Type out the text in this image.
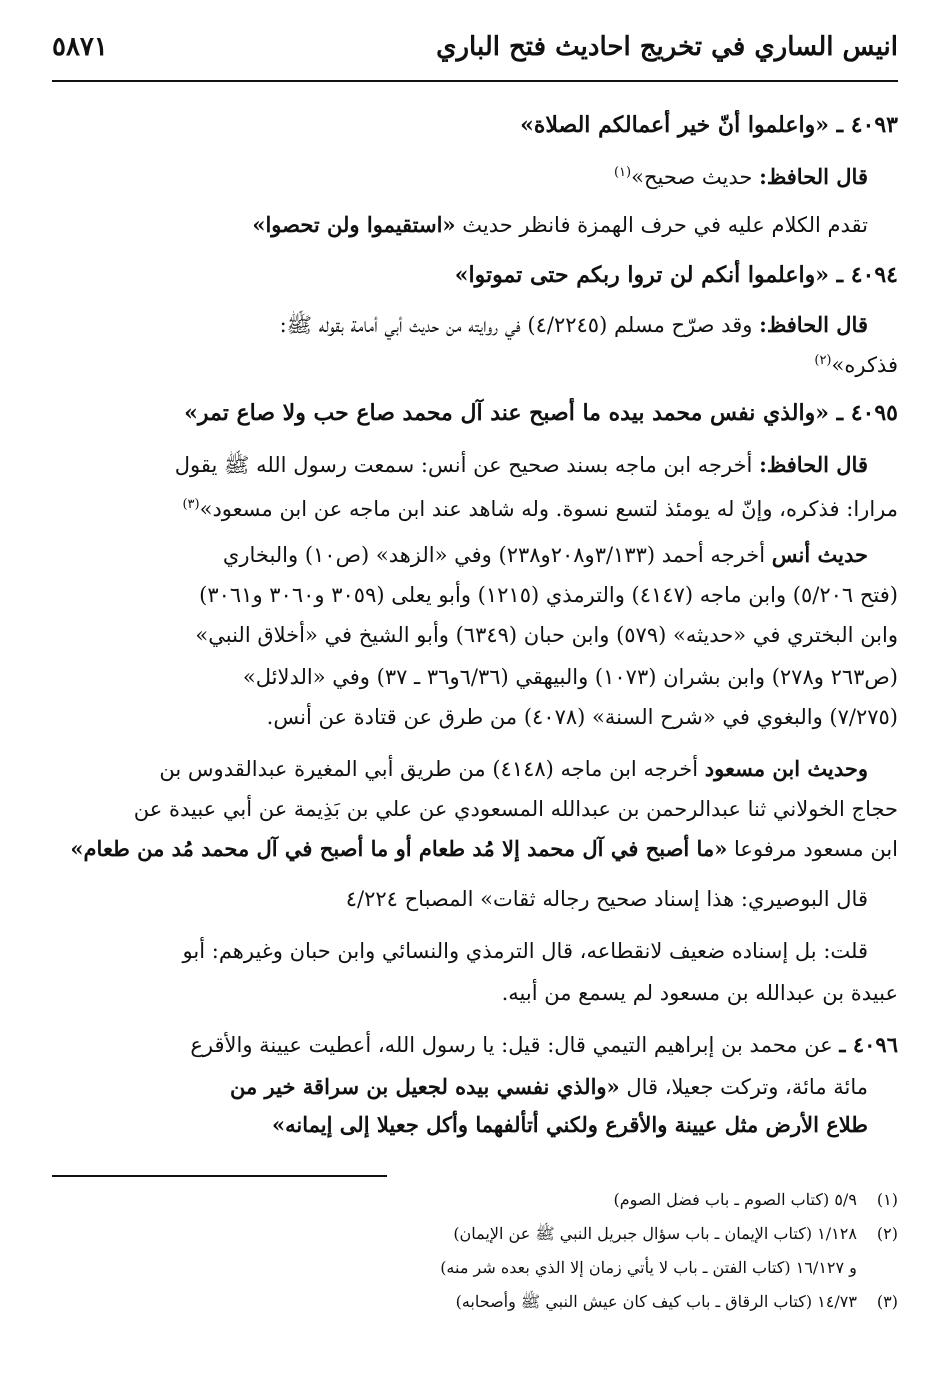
انيس الساري في تخريج احاديث فتح الباري
٥٨٧١
٤٠٩٣ ـ «واعلموا أنّ خير أعمالكم الصلاة»
قال الحافظ: حديث صحيح»$^{(١)}$
تقدم الكلام عليه في حرف الهمزة فانظر حديث «استقيموا ولن تحصوا»
٤٠٩٤ ـ «واعلموا أنكم لن تروا ربكم حتى تموتوا»
قال الحافظ: وقد صرّح مسلم (٤/٢٢٤٥) في روايته من حديث أبي أمامة بقوله ﷺ:
فذكره»$^{(٢)}$
٤٠٩٥ ـ «والذي نفس محمد بيده ما أصبح عند آل محمد صاع حب ولا صاع تمر»
قال الحافظ: أخرجه ابن ماجه بسند صحيح عن أنس: سمعت رسول الله ﷺ يقول
مرارا: فذكره، وإنّ له يومئذ لتسع نسوة. وله شاهد عند ابن ماجه عن ابن مسعود»$^{(٣)}$
حديث أنس أخرجه أحمد (٣/١٣٣و٢٠٨و٢٣٨) وفي «الزهد» (ص١٠) والبخاري
(فتح ٥/٢٠٦) وابن ماجه (٤١٤٧) والترمذي (١٢١٥) وأبو يعلى (٣٠٥٩ و٣٠٦٠ و٣٠٦١)
وابن البختري في «حديثه» (٥٧٩) وابن حبان (٦٣٤٩) وأبو الشيخ في «أخلاق النبي»
(ص٢٦٣ و٢٧٨) وابن بشران (١٠٧٣) والبيهقي (٦/٣٦و٣٦ ـ ٣٧) وفي «الدلائل»
(٧/٢٧٥) والبغوي في «شرح السنة» (٤٠٧٨) من طرق عن قتادة عن أنس.
وحديث ابن مسعود أخرجه ابن ماجه (٤١٤٨) من طريق أبي المغيرة عبدالقدوس بن
حجاج الخولاني ثنا عبدالرحمن بن عبدالله المسعودي عن علي بن بَذِيمة عن أبي عبيدة عن
ابن مسعود مرفوعا «ما أصبح في آل محمد إلا مُد طعام أو ما أصبح في آل محمد مُد من طعام»
قال البوصيري: هذا إسناد صحيح رجاله ثقات» المصباح ٤/٢٢٤
قلت: بل إسناده ضعيف لانقطاعه، قال الترمذي والنسائي وابن حبان وغيرهم: أبو
عبيدة بن عبدالله بن مسعود لم يسمع من أبيه.
٤٠٩٦ ـ عن محمد بن إبراهيم التيمي قال: قيل: يا رسول الله، أعطيت عيينة والأقرع
مائة مائة، وتركت جعيلا، قال «والذي نفسي بيده لجعيل بن سراقة خير من
طلاع الأرض مثل عيينة والأقرع ولكني أتألفهما وأكل جعيلا إلى إيمانه»
(١) ٥/٩ (كتاب الصوم ـ باب فضل الصوم)
(٢) ١/١٢٨ (كتاب الإيمان ـ باب سؤال جبريل النبي ﷺ عن الإيمان)
و ١٦/١٢٧ (كتاب الفتن ـ باب لا يأتي زمان إلا الذي بعده شر منه)
(٣) ١٤/٧٣ (كتاب الرقاق ـ باب كيف كان عيش النبي ﷺ وأصحابه)
